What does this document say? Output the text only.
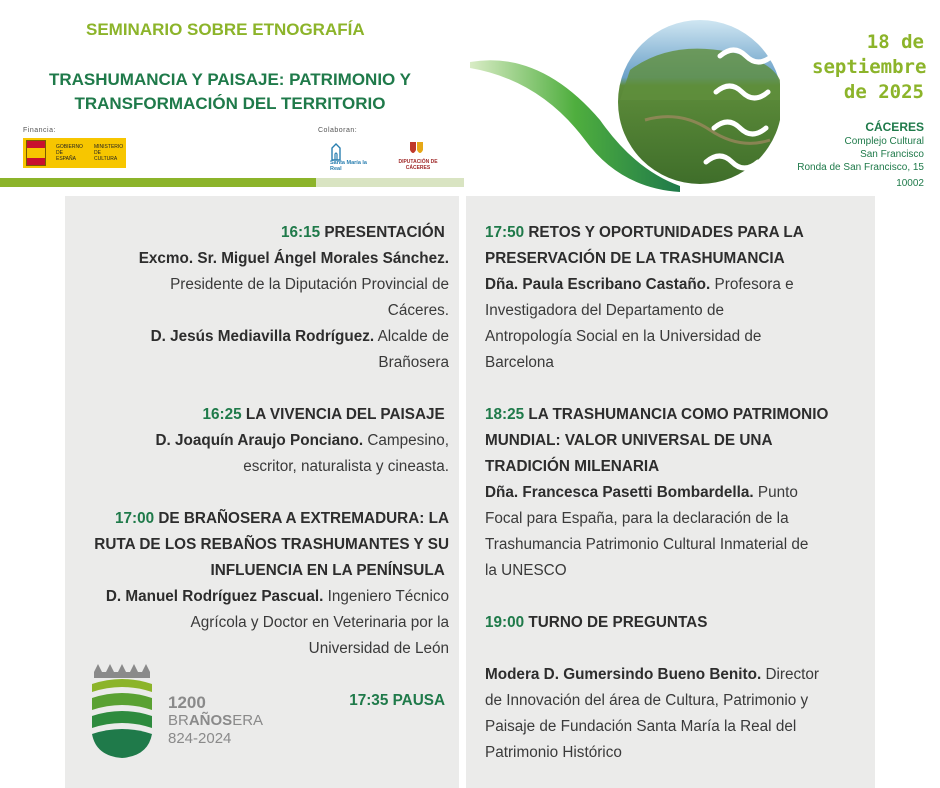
SEMINARIO SOBRE ETNOGRAFÍA
TRASHUMANCIA Y PAISAJE: PATRIMONIO Y
TRANSFORMACIÓN DEL TERRITORIO
Financia:
GOBIERNO DE ESPAÑA
MINISTERIO DE CULTURA
Colaboran:
Santa María la Real
DIPUTACIÓN DE CÁCERES
18 de
septiembre
de 2025
CÁCERES
Complejo Cultural
San Francisco
Ronda de San Francisco, 15
10002
16:15 PRESENTACIÓN
Excmo. Sr. Miguel Ángel Morales Sánchez.
Presidente de la Diputación Provincial de
Cáceres.
D. Jesús Mediavilla Rodríguez. Alcalde de
Brañosera
16:25 LA VIVENCIA DEL PAISAJE
D. Joaquín Araujo Ponciano. Campesino,
escritor, naturalista y cineasta.
17:00 DE BRAÑOSERA A EXTREMADURA: LA
RUTA DE LOS REBAÑOS TRASHUMANTES Y SU
INFLUENCIA EN LA PENÍNSULA
D. Manuel Rodríguez Pascual. Ingeniero Técnico
Agrícola y Doctor en Veterinaria por la
Universidad de León
17:35 PAUSA
1200
BRAÑOSERA
824-2024
17:50 RETOS Y OPORTUNIDADES PARA LA
PRESERVACIÓN DE LA TRASHUMANCIA
Dña. Paula Escribano Castaño. Profesora e
Investigadora del Departamento de
Antropología Social en la Universidad de
Barcelona
18:25 LA TRASHUMANCIA COMO PATRIMONIO
MUNDIAL: VALOR UNIVERSAL DE UNA
TRADICIÓN MILENARIA
Dña. Francesca Pasetti Bombardella. Punto
Focal para España, para la declaración de la
Trashumancia Patrimonio Cultural Inmaterial de
la UNESCO
19:00 TURNO DE PREGUNTAS
Modera D. Gumersindo Bueno Benito. Director
de Innovación del área de Cultura, Patrimonio y
Paisaje de Fundación Santa María la Real del
Patrimonio Histórico
